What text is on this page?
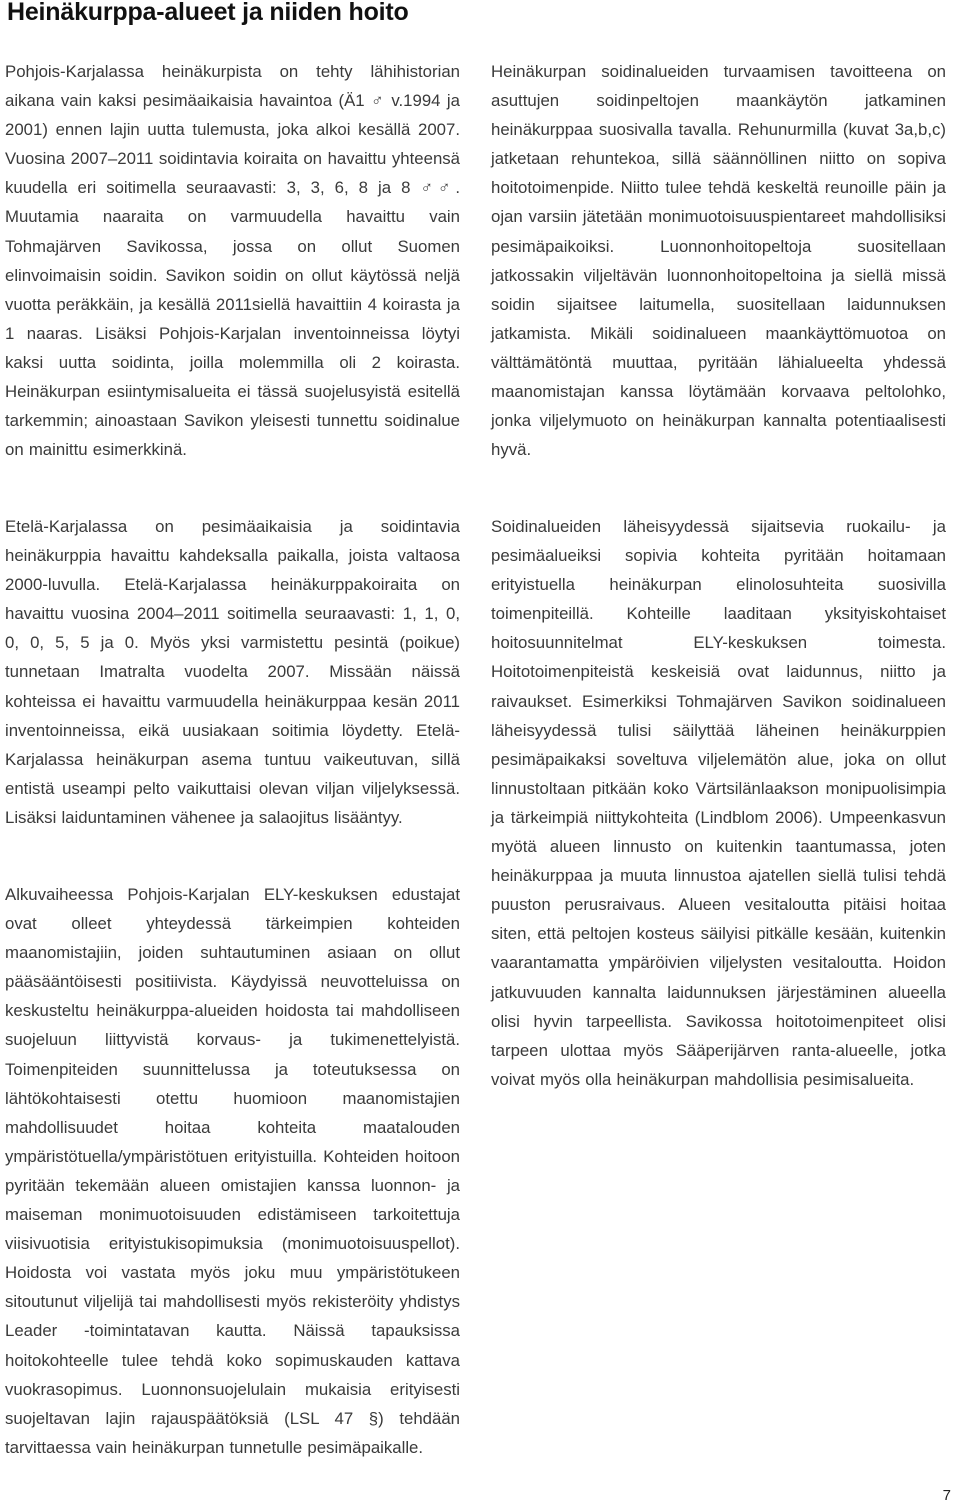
Heinäkurppa-alueet ja niiden hoito

Pohjois-Karjalassa heinäkurpista on tehty lähihistorian aikana vain kaksi pesimäaikaisia havaintoa (Ä1 ♂ v.1994 ja 2001) ennen lajin uutta tulemusta, joka alkoi kesällä 2007. Vuosina 2007–2011 soidintavia koiraita on havaittu yhteensä kuudella eri soitimella seuraavasti: 3, 3, 6, 8 ja 8 ♂♂. Muutamia naaraita on varmuudella havaittu vain Tohmajärven Savikossa, jossa on ollut Suomen elinvoimaisin soidin. Savikon soidin on ollut käytössä neljä vuotta peräkkäin, ja kesällä 2011siellä havaittiin 4 koirasta ja 1 naaras. Lisäksi Pohjois-Karjalan inventoinneissa löytyi kaksi uutta soidinta, joilla molemmilla oli 2 koirasta. Heinäkurpan esiintymisalueita ei tässä suojelusyistä esitellä tarkemmin; ainoastaan Savikon yleisesti tunnettu soidinalue on mainittu esimerkkinä.

Etelä-Karjalassa on pesimäaikaisia ja soidintavia heinäkurppia havaittu kahdeksalla paikalla, joista valtaosa 2000-luvulla. Etelä-Karjalassa heinäkurppakoiraita on havaittu vuosina 2004–2011 soitimella seuraavasti: 1, 1, 0, 0, 0, 5, 5 ja 0. Myös yksi varmistettu pesintä (poikue) tunnetaan Imatralta vuodelta 2007. Missään näissä kohteissa ei havaittu varmuudella heinäkurppaa kesän 2011 inventoinneissa, eikä uusiakaan soitimia löydetty. Etelä-Karjalassa heinäkurpan asema tuntuu vaikeutuvan, sillä entistä useampi pelto vaikuttaisi olevan viljan viljelyksessä. Lisäksi laiduntaminen vähenee ja salaojitus lisääntyy.

Alkuvaiheessa Pohjois-Karjalan ELY-keskuksen edustajat ovat olleet yhteydessä tärkeimpien kohteiden maanomistajiin, joiden suhtautuminen asiaan on ollut pääsääntöisesti positiivista. Käydyissä neuvotteluissa on keskusteltu heinäkurppa-alueiden hoidosta tai mahdolliseen suojeluun liittyvistä korvaus- ja tukimenettelyistä. Toimenpiteiden suunnittelussa ja toteutuksessa on lähtökohtaisesti otettu huomioon maanomistajien mahdollisuudet hoitaa kohteita maatalouden ympäristötuella/ympäristötuen erityistuilla. Kohteiden hoitoon pyritään tekemään alueen omistajien kanssa luonnon- ja maiseman monimuotoisuuden edistämiseen tarkoitettuja viisivuotisia erityistukisopimuksia (monimuotoisuuspellot). Hoidosta voi vastata myös joku muu ympäristötukeen sitoutunut viljelijä tai mahdollisesti myös rekisteröity yhdistys Leader -toimintatavan kautta. Näissä tapauksissa hoitokohteelle tulee tehdä koko sopimuskauden kattava vuokrasopimus. Luonnonsuojelulain mukaisia erityisesti suojeltavan lajin rajauspäätöksiä (LSL 47 §) tehdään tarvittaessa vain heinäkurpan tunnetulle pesimäpaikalle.

Heinäkurpan soidinalueiden turvaamisen tavoitteena on asuttujen soidinpeltojen maankäytön jatkaminen heinäkurppaa suosivalla tavalla. Rehunurmilla (kuvat 3a,b,c) jatketaan rehuntekoa, sillä säännöllinen niitto on sopiva hoitotoimenpide. Niitto tulee tehdä keskeltä reunoille päin ja ojan varsiin jätetään monimuotoisuuspientareet mahdollisiksi pesimäpaikoiksi. Luonnonhoitopeltoja suositellaan jatkossakin viljeltävän luonnonhoitopeltoina ja siellä missä soidin sijaitsee laitumella, suositellaan laidunnuksen jatkamista. Mikäli soidinalueen maankäyttömuotoa on välttämätöntä muuttaa, pyritään lähialueelta yhdessä maanomistajan kanssa löytämään korvaava peltolohko, jonka viljelymuoto on heinäkurpan kannalta potentiaalisesti hyvä.

Soidinalueiden läheisyydessä sijaitsevia ruokailu- ja pesimäalueiksi sopivia kohteita pyritään hoitamaan erityistuella heinäkurpan elinolosuhteita suosivilla toimenpiteillä. Kohteille laaditaan yksityiskohtaiset hoitosuunnitelmat ELY-keskuksen toimesta. Hoitotoimenpiteistä keskeisiä ovat laidunnus, niitto ja raivaukset. Esimerkiksi Tohmajärven Savikon soidinalueen läheisyydessä tulisi säilyttää läheinen heinäkurppien pesimäpaikaksi soveltuva viljelemätön alue, joka on ollut linnustoltaan pitkään koko Värtsilänlaakson monipuolisimpia ja tärkeimpiä niittykohteita (Lindblom 2006). Umpeenkasvun myötä alueen linnusto on kuitenkin taantumassa, joten heinäkurppaa ja muuta linnustoa ajatellen siellä tulisi tehdä puuston perusraivaus. Alueen vesitaloutta pitäisi hoitaa siten, että peltojen kosteus säilyisi pitkälle kesään, kuitenkin vaarantamatta ympäröivien viljelysten vesitaloutta. Hoidon jatkuvuuden kannalta laidunnuksen järjestäminen alueella olisi hyvin tarpeellista. Savikossa hoitotoimenpiteet olisi tarpeen ulottaa myös Sääperijärven ranta-alueelle, jotka voivat myös olla heinäkurpan mahdollisia pesimisalueita.

7
